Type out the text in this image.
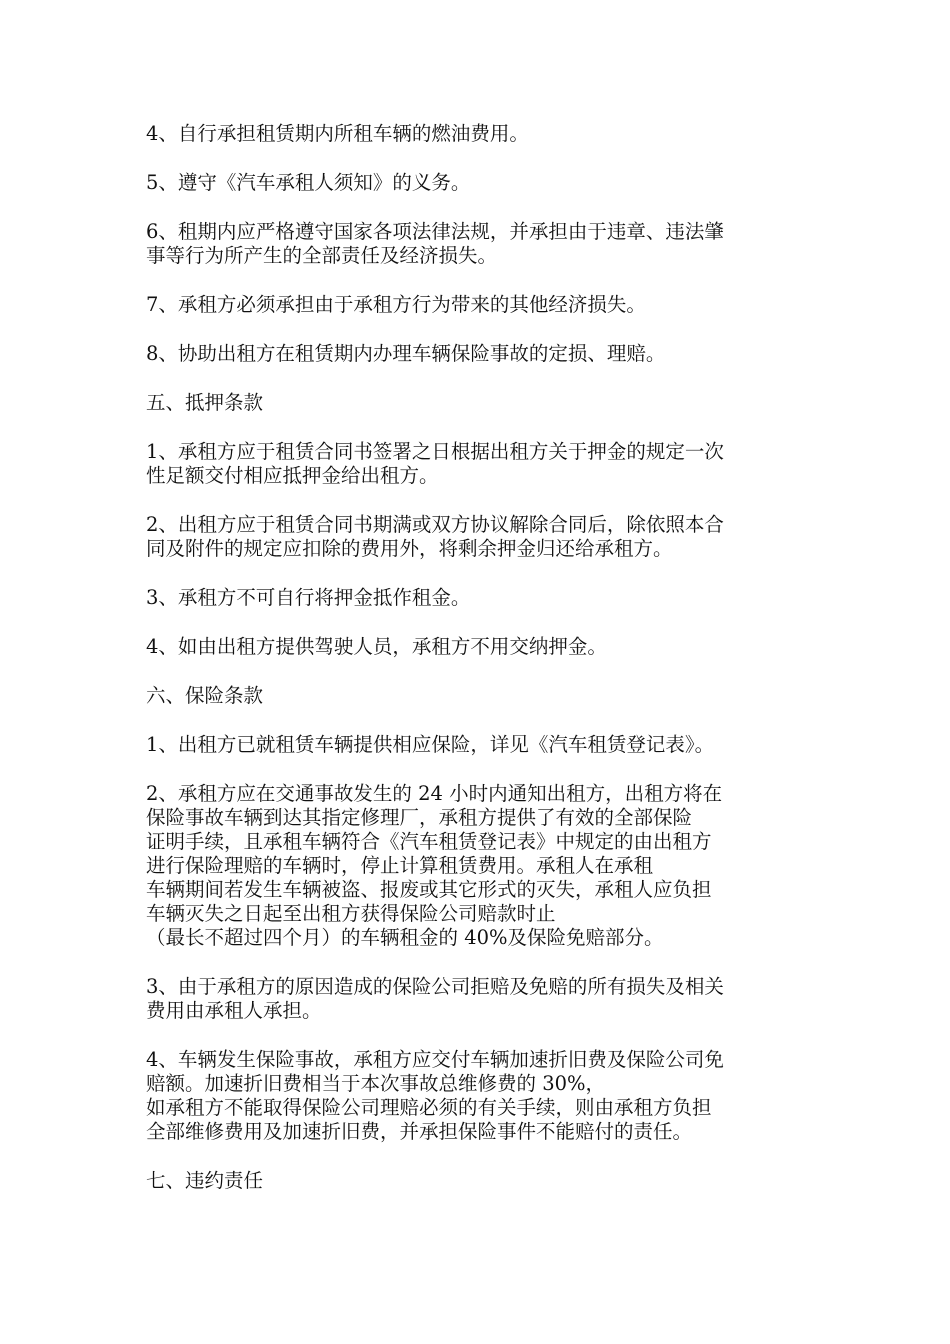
4、自行承担租赁期内所租车辆的燃油费用。
5、遵守《汽车承租人须知》的义务。
6、租期内应严格遵守国家各项法律法规，并承担由于违章、违法肇
事等行为所产生的全部责任及经济损失。
7、承租方必须承担由于承租方行为带来的其他经济损失。
8、协助出租方在租赁期内办理车辆保险事故的定损、理赔。
五、抵押条款
1、承租方应于租赁合同书签署之日根据出租方关于押金的规定一次
性足额交付相应抵押金给出租方。
2、出租方应于租赁合同书期满或双方协议解除合同后，除依照本合
同及附件的规定应扣除的费用外，将剩余押金归还给承租方。
3、承租方不可自行将押金抵作租金。
4、如由出租方提供驾驶人员，承租方不用交纳押金。
六、保险条款
1、出租方已就租赁车辆提供相应保险，详见《汽车租赁登记表》。
2、承租方应在交通事故发生的 24 小时内通知出租方，出租方将在
保险事故车辆到达其指定修理厂，承租方提供了有效的全部保险
证明手续，且承租车辆符合《汽车租赁登记表》中规定的由出租方
进行保险理赔的车辆时，停止计算租赁费用。承租人在承租
车辆期间若发生车辆被盗、报废或其它形式的灭失，承租人应负担
车辆灭失之日起至出租方获得保险公司赔款时止
（最长不超过四个月）的车辆租金的 40%及保险免赔部分。
3、由于承租方的原因造成的保险公司拒赔及免赔的所有损失及相关
费用由承租人承担。
4、车辆发生保险事故，承租方应交付车辆加速折旧费及保险公司免
赔额。加速折旧费相当于本次事故总维修费的 30%，
如承租方不能取得保险公司理赔必须的有关手续，则由承租方负担
全部维修费用及加速折旧费，并承担保险事件不能赔付的责任。
七、违约责任
